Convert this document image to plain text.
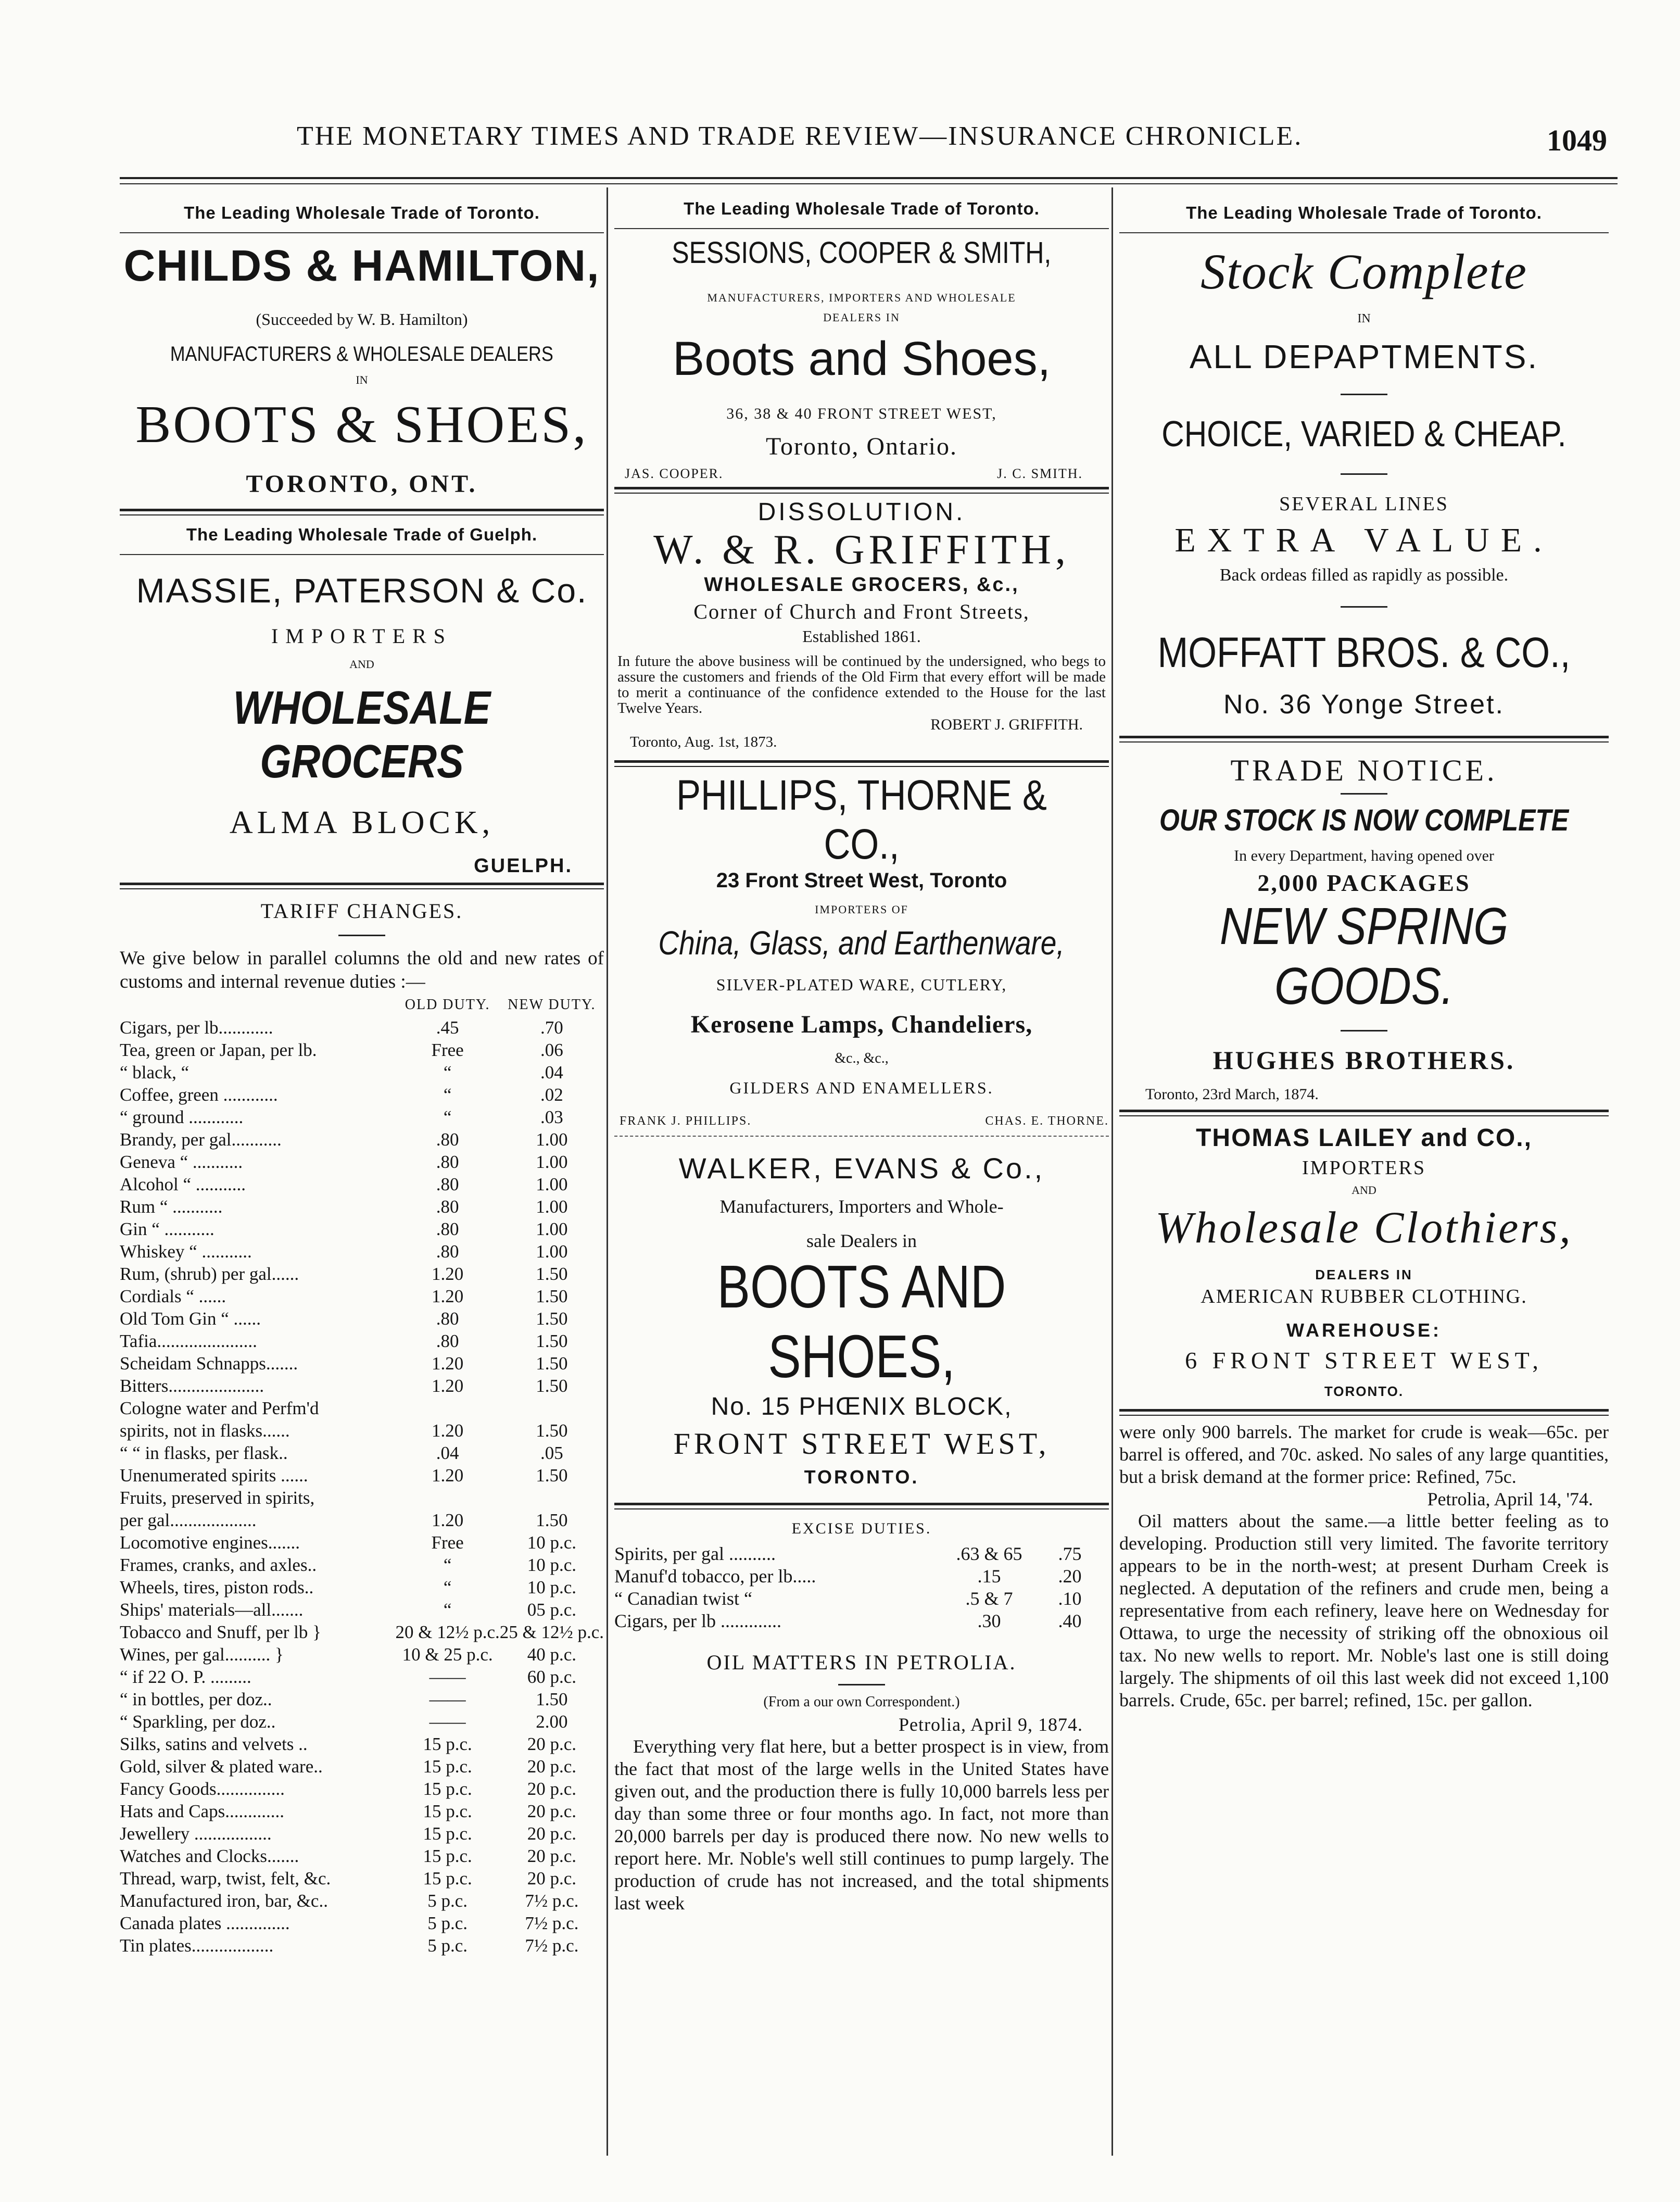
THE MONETARY TIMES AND TRADE REVIEW—INSURANCE CHRONICLE.	1049
The Leading Wholesale Trade of Toronto.
CHILDS & HAMILTON,
(Succeeded by W. B. Hamilton)
MANUFACTURERS & WHOLESALE DEALERS
IN
BOOTS & SHOES,
TORONTO, ONT.
The Leading Wholesale Trade of Guelph.
MASSIE, PATERSON & Co.
IMPORTERS
AND
WHOLESALE GROCERS
ALMA BLOCK,
GUELPH.
TARIFF CHANGES.
We give below in parallel columns the old and new rates of customs and internal revenue duties :—
	OLD DUTY.	NEW DUTY.
Cigars, per lb............	.45	.70
Tea, green or Japan, per lb.	Free	.06
“ black, “	“	.04
Coffee, green ............	“	.02
“ ground ............	“	.03
Brandy, per gal...........	.80	1.00
Geneva “ ...........	.80	1.00
Alcohol “ ...........	.80	1.00
Rum “ ...........	.80	1.00
Gin “ ...........	.80	1.00
Whiskey “ ...........	.80	1.00
Rum, (shrub) per gal......	1.20	1.50
Cordials “ ......	1.20	1.50
Old Tom Gin “ ......	.80	1.50
Tafia......................	.80	1.50
Scheidam Schnapps.......	1.20	1.50
Bitters.....................	1.20	1.50
Cologne water and Perfm'd		
spirits, not in flasks......	1.20	1.50
“ “ in flasks, per flask..	.04	.05
Unenumerated spirits ......	1.20	1.50
Fruits, preserved in spirits,		
per gal...................	1.20	1.50
Locomotive engines.......	Free	10 p.c.
Frames, cranks, and axles..	“	10 p.c.
Wheels, tires, piston rods..	“	10 p.c.
Ships' materials—all.......	“	05 p.c.
Tobacco and Snuff, per lb }	20 & 12½ p.c.	25 & 12½ p.c.
Wines, per gal.......... }	10 & 25 p.c.	40 p.c.
“ if 22 O. P. .........	——	60 p.c.
“ in bottles, per doz..	——	1.50
“ Sparkling, per doz..	——	2.00
Silks, satins and velvets ..	15 p.c.	20 p.c.
Gold, silver & plated ware..	15 p.c.	20 p.c.
Fancy Goods...............	15 p.c.	20 p.c.
Hats and Caps.............	15 p.c.	20 p.c.
Jewellery .................	15 p.c.	20 p.c.
Watches and Clocks.......	15 p.c.	20 p.c.
Thread, warp, twist, felt, &c.	15 p.c.	20 p.c.
Manufactured iron, bar, &c..	5 p.c.	7½ p.c.
Canada plates ..............	5 p.c.	7½ p.c.
Tin plates..................	5 p.c.	7½ p.c.
The Leading Wholesale Trade of Toronto.
SESSIONS, COOPER & SMITH,
MANUFACTURERS, IMPORTERS AND WHOLESALE
DEALERS IN
Boots and Shoes,
36, 38 & 40 FRONT STREET WEST,
Toronto, Ontario.
JAS. COOPER.	J. C. SMITH.
DISSOLUTION.
W. & R. GRIFFITH,
WHOLESALE GROCERS, &c.,
Corner of Church and Front Streets,
Established 1861.
In future the above business will be continued by the undersigned, who begs to assure the customers and friends of the Old Firm that every effort will be made to merit a continuance of the confidence extended to the House for the last Twelve Years.
ROBERT J. GRIFFITH.
Toronto, Aug. 1st, 1873.
PHILLIPS, THORNE & CO.,
23 Front Street West, Toronto
IMPORTERS OF
China, Glass, and Earthenware,
SILVER-PLATED WARE, CUTLERY,
Kerosene Lamps, Chandeliers,
&c., &c.,
GILDERS AND ENAMELLERS.
FRANK J. PHILLIPS.	CHAS. E. THORNE.
WALKER, EVANS & Co.,
Manufacturers, Importers and Whole-
sale Dealers in
BOOTS AND SHOES,
No. 15 PHŒNIX BLOCK,
FRONT STREET WEST,
TORONTO.
EXCISE DUTIES.
Spirits, per gal ..........	.63 & 65	.75
Manuf'd tobacco, per lb.....	.15	.20
“ Canadian twist “	.5 & 7	.10
Cigars, per lb .............	.30	.40
OIL MATTERS IN PETROLIA.
(From a our own Correspondent.)
Petrolia, April 9, 1874.
Everything very flat here, but a better prospect is in view, from the fact that most of the large wells in the United States have given out, and the production there is fully 10,000 barrels less per day than some three or four months ago. In fact, not more than 20,000 barrels per day is produced there now. No new wells to report here. Mr. Noble's well still continues to pump largely. The production of crude has not increased, and the total shipments last week
The Leading Wholesale Trade of Toronto.
Stock Complete
IN
ALL DEPAPTMENTS.
CHOICE, VARIED & CHEAP.
SEVERAL LINES
EXTRA VALUE.
Back ordeas filled as rapidly as possible.
MOFFATT BROS. & CO.,
No. 36 Yonge Street.
TRADE NOTICE.
OUR STOCK IS NOW COMPLETE
In every Department, having opened over
2,000 PACKAGES
NEW SPRING GOODS.
HUGHES BROTHERS.
Toronto, 23rd March, 1874.
THOMAS LAILEY and CO.,
IMPORTERS
AND
Wholesale Clothiers,
DEALERS IN
AMERICAN RUBBER CLOTHING.
WAREHOUSE:
6 FRONT STREET WEST,
TORONTO.
were only 900 barrels. The market for crude is weak—65c. per barrel is offered, and 70c. asked. No sales of any large quantities, but a brisk demand at the former price: Refined, 75c.
Petrolia, April 14, '74.
Oil matters about the same.—a little better feeling as to developing. Production still very limited. The favorite territory appears to be in the north-west; at present Durham Creek is neglected. A deputation of the refiners and crude men, being a representative from each refinery, leave here on Wednesday for Ottawa, to urge the necessity of striking off the obnoxious oil tax. No new wells to report. Mr. Noble's last one is still doing largely. The shipments of oil this last week did not exceed 1,100 barrels. Crude, 65c. per barrel; refined, 15c. per gallon.
